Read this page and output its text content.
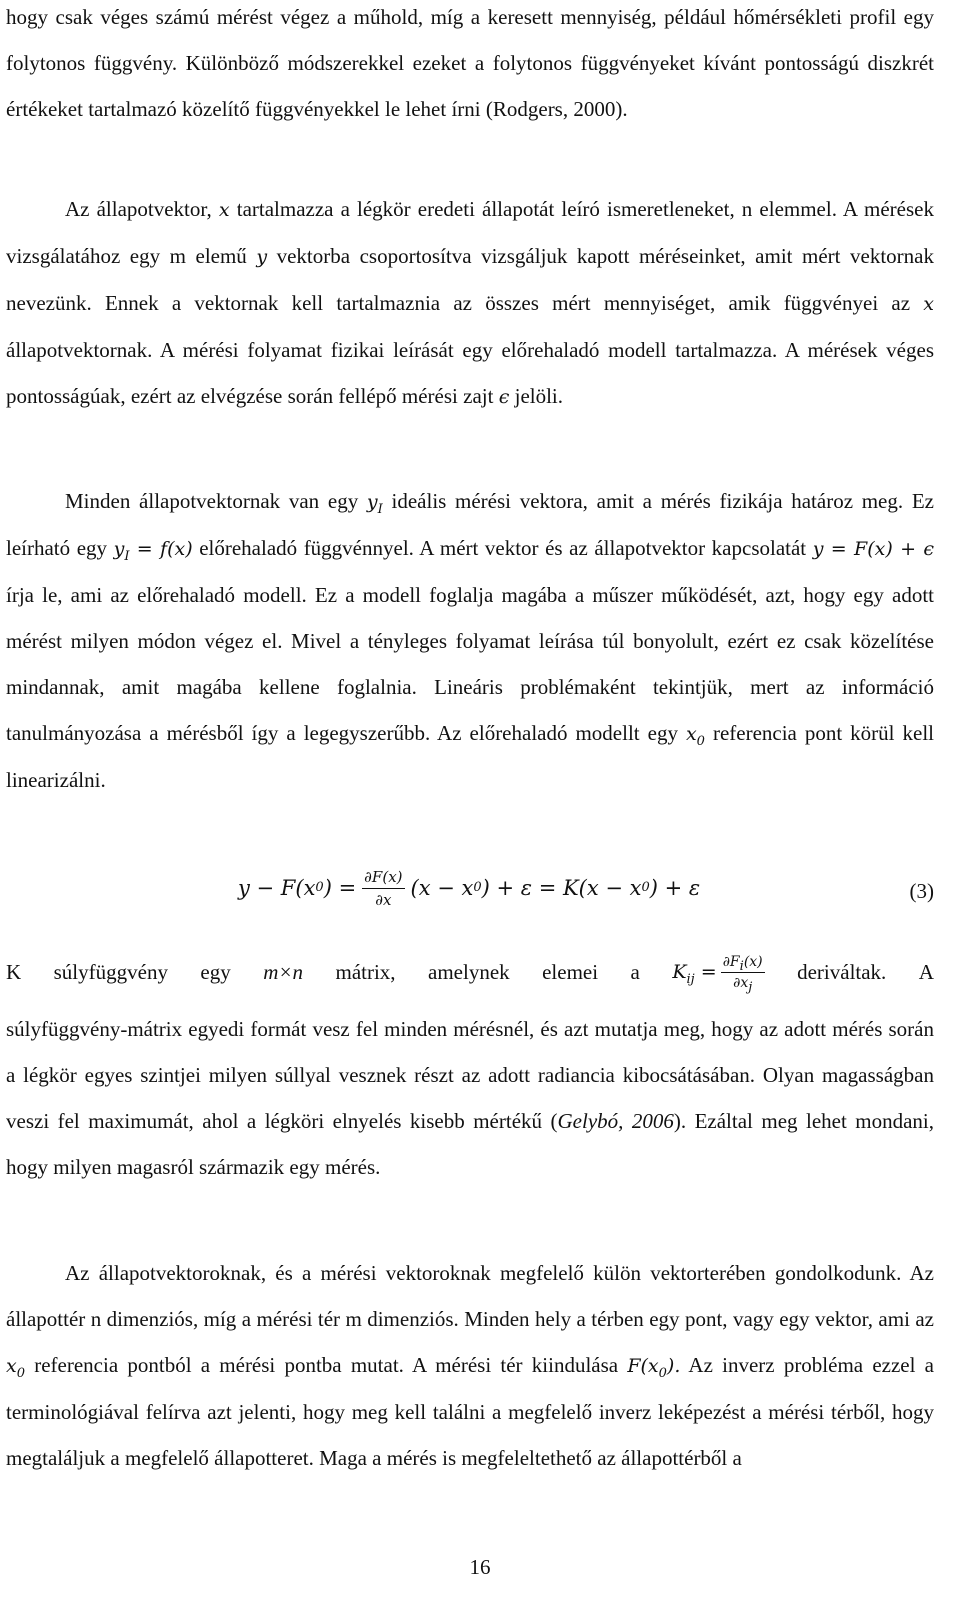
hogy csak véges számú mérést végez a műhold, míg a keresett mennyiség, például hőmérsékleti profil egy folytonos függvény. Különböző módszerekkel ezeket a folytonos függvényeket kívánt pontosságú diszkrét értékeket tartalmazó közelítő függvényekkel le lehet írni (Rodgers, 2000).

Az állapotvektor, x tartalmazza a légkör eredeti állapotát leíró ismeretleneket, n elemmel. A mérések vizsgálatához egy m elemű y vektorba csoportosítva vizsgáljuk kapott méréseinket, amit mért vektornak nevezünk. Ennek a vektornak kell tartalmaznia az összes mért mennyiséget, amik függvényei az x állapotvektornak. A mérési folyamat fizikai leírását egy előrehaladó modell tartalmazza. A mérések véges pontosságúak, ezért az elvégzése során fellépő mérési zajt ϵ jelöli.

Minden állapotvektornak van egy $y_I$ ideális mérési vektora, amit a mérés fizikája határoz meg. Ez leírható egy $y_I = f(x)$ előrehaladó függvénnyel. A mért vektor és az állapotvektor kapcsolatát y = F(x) + ϵ írja le, ami az előrehaladó modell. Ez a modell foglalja magába a műszer működését, azt, hogy egy adott mérést milyen módon végez el. Mivel a tényleges folyamat leírása túl bonyolult, ezért ez csak közelítése mindannak, amit magába kellene foglalnia. Lineáris problémaként tekintjük, mert az információ tanulmányozása a mérésből így a legegyszerűbb. Az előrehaladó modellt egy $x_0$ referencia pont körül kell linearizálni.

y − F(x 0 ) = $\frac{\partial F(x)}{\partial x} (x - x$ 0 ) + ε = K(x − x 0 ) + ε	(3)
K súlyfüggvény egy m×n mátrix, amelynek elemei a $K_{ij} = \frac{\partial F_i(x)}{\partial x_j}$ deriváltak. A

súlyfüggvény-mátrix egyedi formát vesz fel minden mérésnél, és azt mutatja meg, hogy az adott mérés során a légkör egyes szintjei milyen súllyal vesznek részt az adott radiancia kibocsátásában. Olyan magasságban veszi fel maximumát, ahol a légköri elnyelés kisebb mértékű (Gelybó, 2006). Ezáltal meg lehet mondani, hogy milyen magasról származik egy mérés.

Az állapotvektoroknak, és a mérési vektoroknak megfelelő külön vektorterében gondolkodunk. Az állapottér n dimenziós, míg a mérési tér m dimenziós. Minden hely a térben egy pont, vagy egy vektor, ami az $x_0$ referencia pontból a mérési pontba mutat. A mérési tér kiindulása $F(x_0)$. Az inverz probléma ezzel a terminológiával felírva azt jelenti, hogy meg kell találni a megfelelő inverz leképezést a mérési térből, hogy megtaláljuk a megfelelő állapotteret. Maga a mérés is megfeleltethető az állapottérből a

16
